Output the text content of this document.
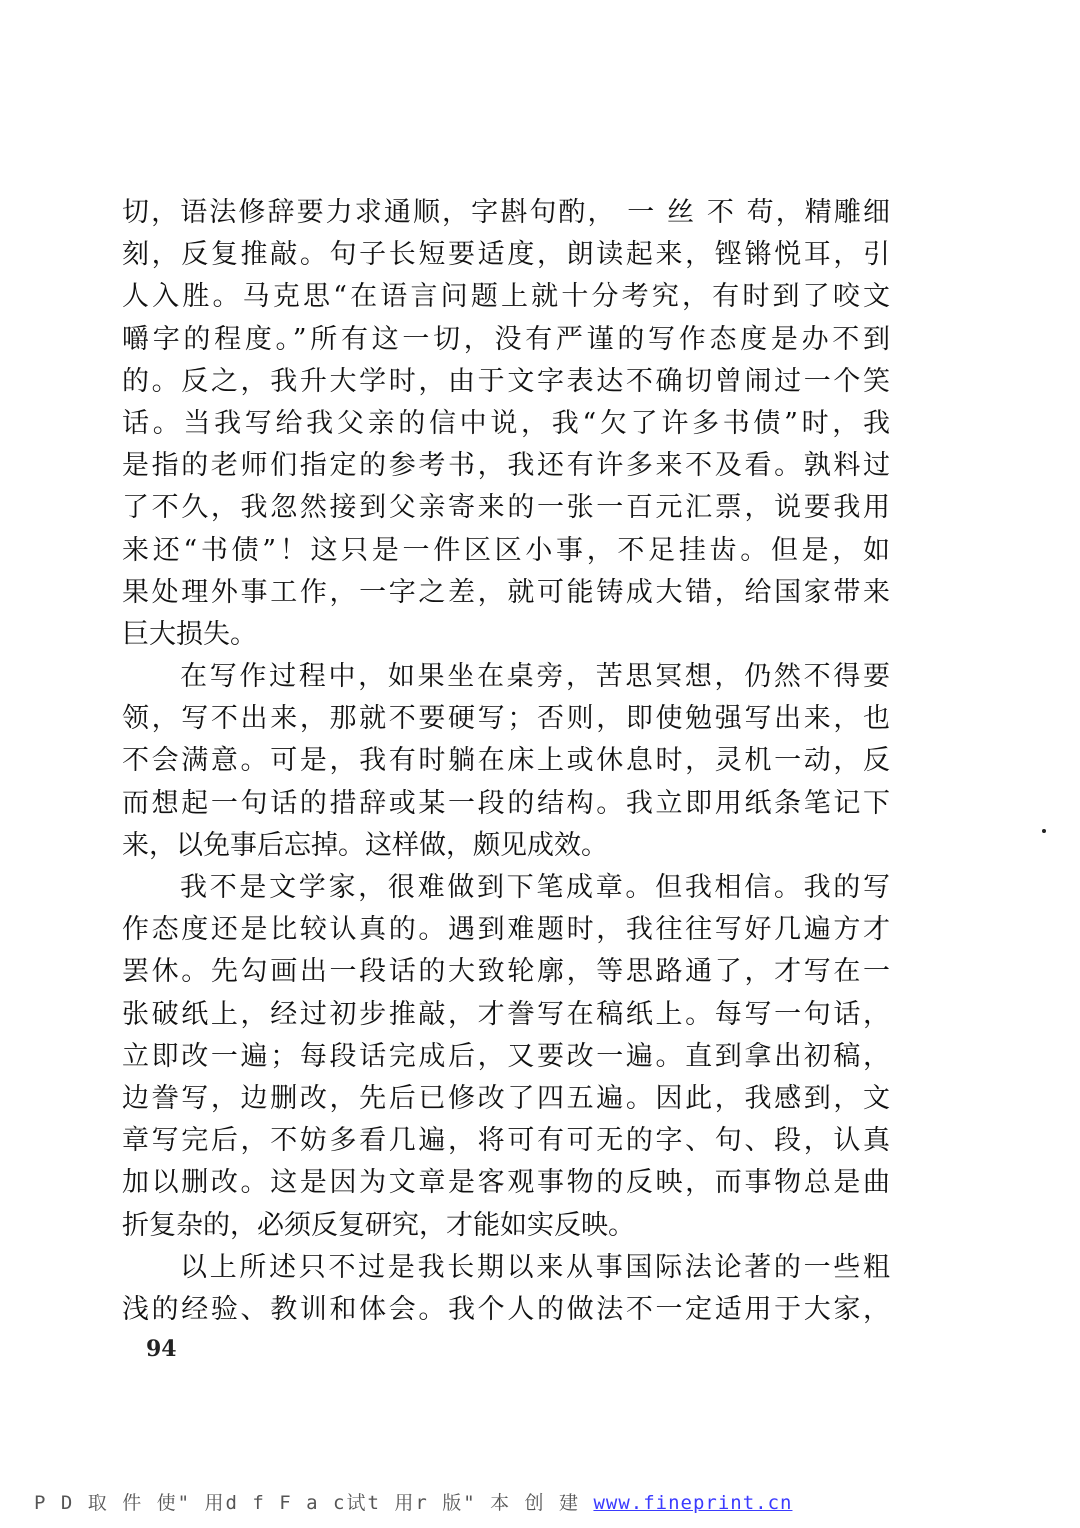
切，语法修辞要力求通顺，字斟句酌， 一 丝 不 苟，精雕细
刻，反复推敲。句子长短要适度，朗读起来，铿锵悦耳，引
人入胜。马克思“在语言问题上就十分考究，有时到了咬文
嚼字的程度。”所有这一切，没有严谨的写作态度是办不到
的。反之，我升大学时，由于文字表达不确切曾闹过一个笑
话。当我写给我父亲的信中说，我“欠了许多书债”时，我
是指的老师们指定的参考书，我还有许多来不及看。孰料过
了不久，我忽然接到父亲寄来的一张一百元汇票，说要我用
来还“书债”！这只是一件区区小事，不足挂齿。但是，如
果处理外事工作，一字之差，就可能铸成大错，给国家带来
巨大损失。
在写作过程中，如果坐在桌旁，苦思冥想，仍然不得要
领，写不出来，那就不要硬写；否则，即使勉强写出来，也
不会满意。可是，我有时躺在床上或休息时，灵机一动，反
而想起一句话的措辞或某一段的结构。我立即用纸条笔记下
来，以免事后忘掉。这样做，颇见成效。
我不是文学家，很难做到下笔成章。但我相信。我的写
作态度还是比较认真的。遇到难题时，我往往写好几遍方才
罢休。先勾画出一段话的大致轮廓，等思路通了，才写在一
张破纸上，经过初步推敲，才誊写在稿纸上。每写一句话，
立即改一遍；每段话完成后，又要改一遍。直到拿出初稿，
边誊写，边删改，先后已修改了四五遍。因此，我感到，文
章写完后，不妨多看几遍，将可有可无的字、句、段，认真
加以删改。这是因为文章是客观事物的反映，而事物总是曲
折复杂的，必须反复研究，才能如实反映。
以上所述只不过是我长期以来从事国际法论著的一些粗
浅的经验、教训和体会。我个人的做法不一定适用于大家，
94
P D 取 件 使" 用d f F a c试t 用r 版" 本 创 建 www.fineprint.cn
